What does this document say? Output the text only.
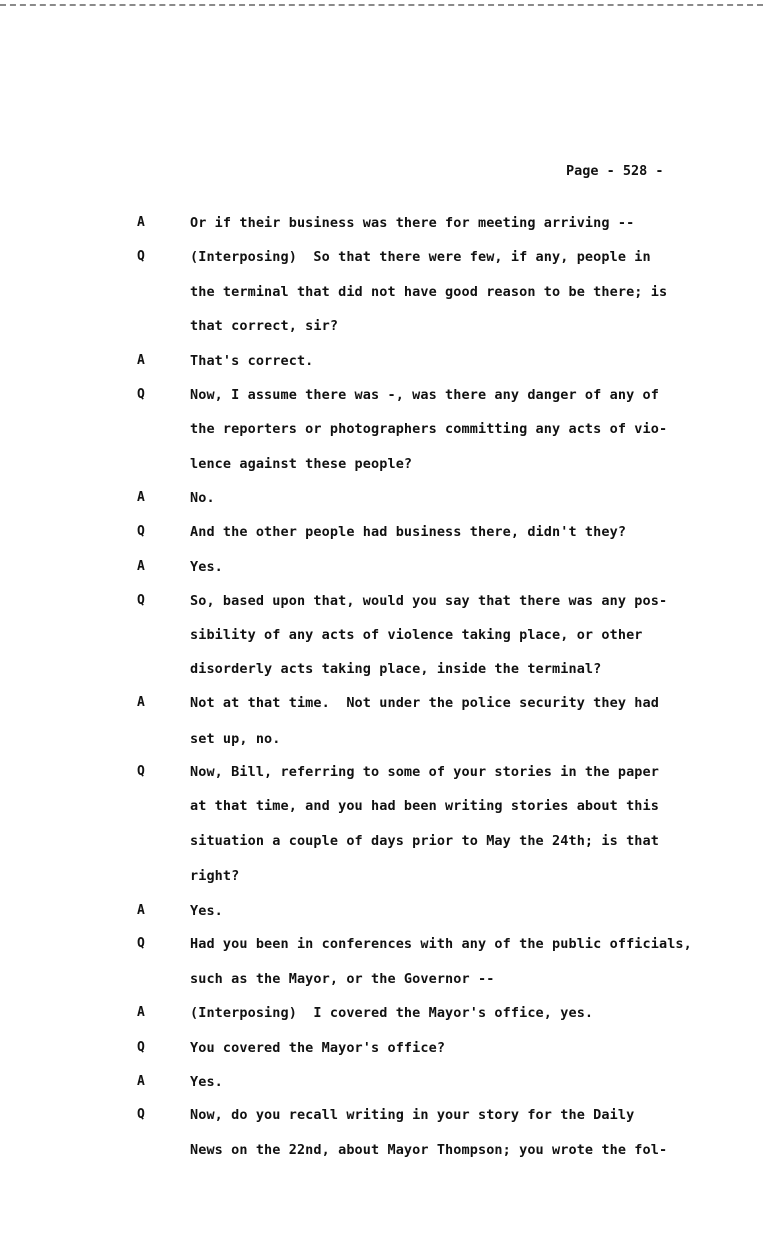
Page - 528 -
A	Or if their business was there for meeting arriving --
Q	(Interposing)  So that there were few, if any, people in
the terminal that did not have good reason to be there; is
that correct, sir?
A	That's correct.
Q	Now, I assume there was -, was there any danger of any of
the reporters or photographers committing any acts of vio-
lence against these people?
A	No.
Q	And the other people had business there, didn't they?
A	Yes.
Q	So, based upon that, would you say that there was any pos-
sibility of any acts of violence taking place, or other
disorderly acts taking place, inside the terminal?
A	Not at that time.  Not under the police security they had
set up, no.
Q	Now, Bill, referring to some of your stories in the paper
at that time, and you had been writing stories about this
situation a couple of days prior to May the 24th; is that
right?
A	Yes.
Q	Had you been in conferences with any of the public officials,
such as the Mayor, or the Governor --
A	(Interposing)  I covered the Mayor's office, yes.
Q	You covered the Mayor's office?
A	Yes.
Q	Now, do you recall writing in your story for the Daily
News on the 22nd, about Mayor Thompson; you wrote the fol-
